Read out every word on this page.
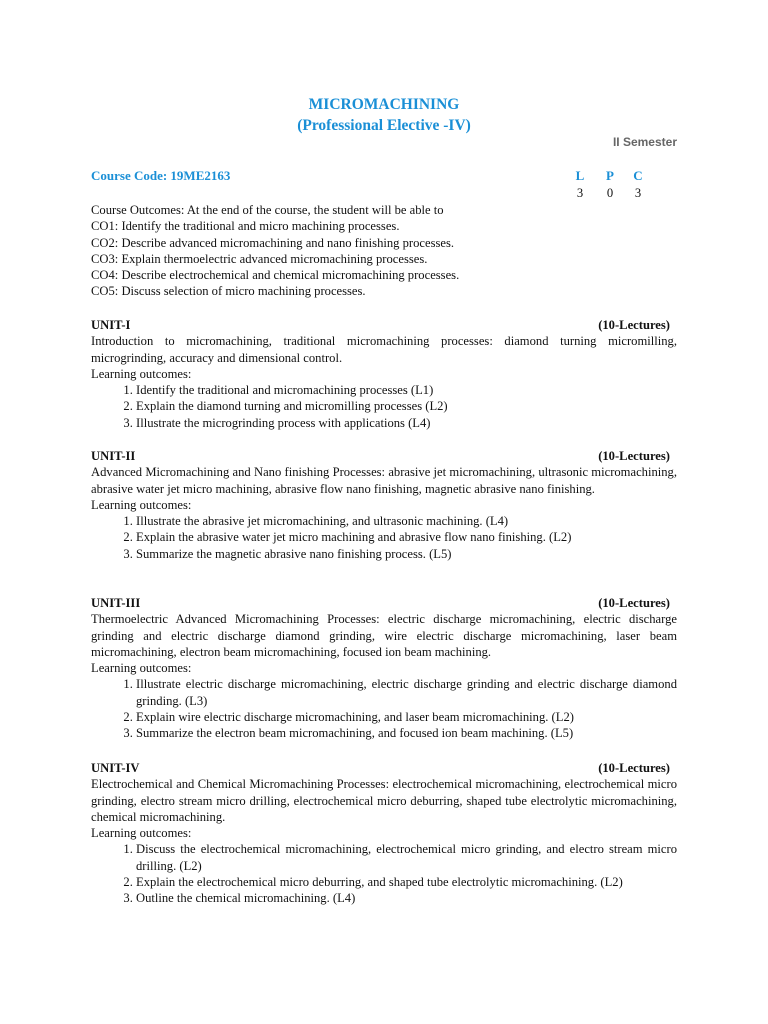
MICROMACHINING
(Professional Elective -IV)
II Semester
Course Code: 19ME2163	L	P	C
3	0	3
Course Outcomes: At the end of the course, the student will be able to
CO1: Identify the traditional and micro machining processes.
CO2: Describe advanced micromachining and nano finishing processes.
CO3: Explain thermoelectric advanced micromachining processes.
CO4: Describe electrochemical and chemical micromachining processes.
CO5: Discuss selection of micro machining processes.
UNIT-I	(10-Lectures)
Introduction to micromachining, traditional micromachining processes: diamond turning micromilling, microgrinding, accuracy and dimensional control.
Learning outcomes:
1. Identify the traditional and micromachining processes (L1)
2. Explain the diamond turning and micromilling processes (L2)
3. Illustrate the microgrinding process with applications (L4)
UNIT-II	(10-Lectures)
Advanced Micromachining and Nano finishing Processes: abrasive jet micromachining, ultrasonic micromachining, abrasive water jet micro machining, abrasive flow nano finishing, magnetic abrasive nano finishing.
Learning outcomes:
1. Illustrate the abrasive jet micromachining, and ultrasonic machining. (L4)
2. Explain the abrasive water jet micro machining and abrasive flow nano finishing. (L2)
3. Summarize the magnetic abrasive nano finishing process. (L5)
UNIT-III	(10-Lectures)
Thermoelectric Advanced Micromachining Processes: electric discharge micromachining, electric discharge grinding and electric discharge diamond grinding, wire electric discharge micromachining, laser beam micromachining, electron beam micromachining, focused ion beam machining.
Learning outcomes:
1. Illustrate electric discharge micromachining, electric discharge grinding and electric discharge diamond grinding. (L3)
2. Explain wire electric discharge micromachining, and laser beam micromachining. (L2)
3. Summarize the electron beam micromachining, and focused ion beam machining. (L5)
UNIT-IV	(10-Lectures)
Electrochemical and Chemical Micromachining Processes: electrochemical micromachining, electrochemical micro grinding, electro stream micro drilling, electrochemical micro deburring, shaped tube electrolytic micromachining, chemical micromachining.
Learning outcomes:
1. Discuss the electrochemical micromachining, electrochemical micro grinding, and electro stream micro drilling. (L2)
2. Explain the electrochemical micro deburring, and shaped tube electrolytic micromachining. (L2)
3. Outline the chemical micromachining. (L4)
